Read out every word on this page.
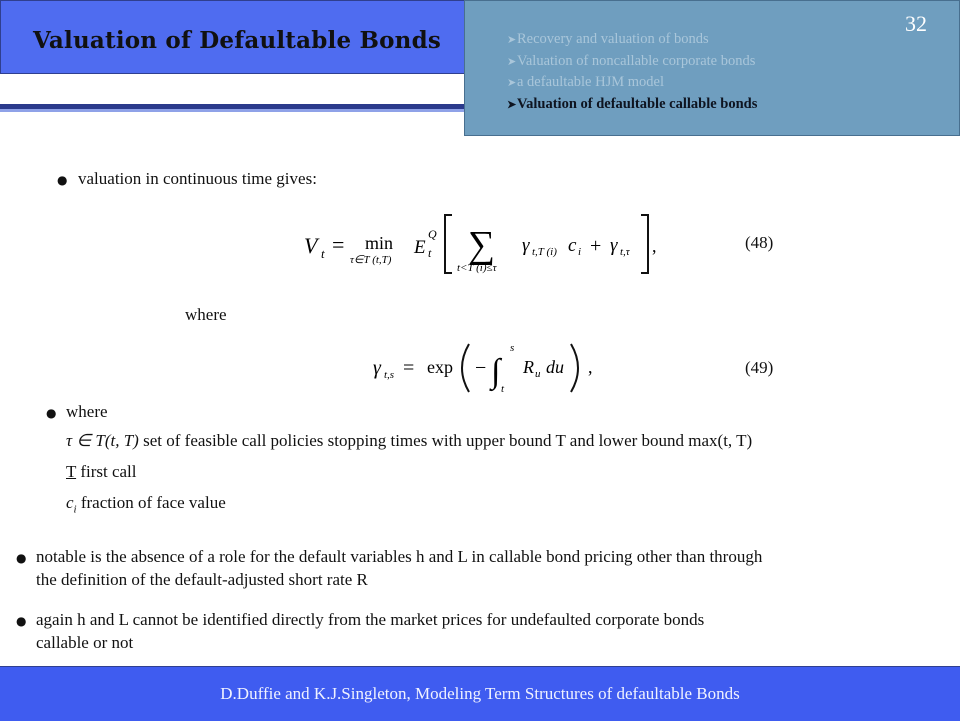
Valuation of Defaultable Bonds
32
➤Recovery and valuation of bonds
➤Valuation of noncallable corporate bonds
➤a defaultable HJM model
➤Valuation of defaultable callable bonds
● valuation in continuous time gives:
V t = min
τ∈T (t,T)
E
Q
t ∑
t<T (i)≤τ
γ t,T (i) c i + γ t,τ ,	(48)
where
γ t,s = exp − ∫
s
t
R u du ,	(49)
● where
τ ∈ T(t, T) set of feasible call policies stopping times with upper bound T and lower bound max(t, T)
T first call
$c_i$ fraction of face value
● notable is the absence of a role for the default variables h and L in callable bond pricing other than through
the definition of the default-adjusted short rate R
● again h and L cannot be identified directly from the market prices for undefaulted corporate bonds
callable or not
D.Duffie and K.J.Singleton, Modeling Term Structures of defaultable Bonds
